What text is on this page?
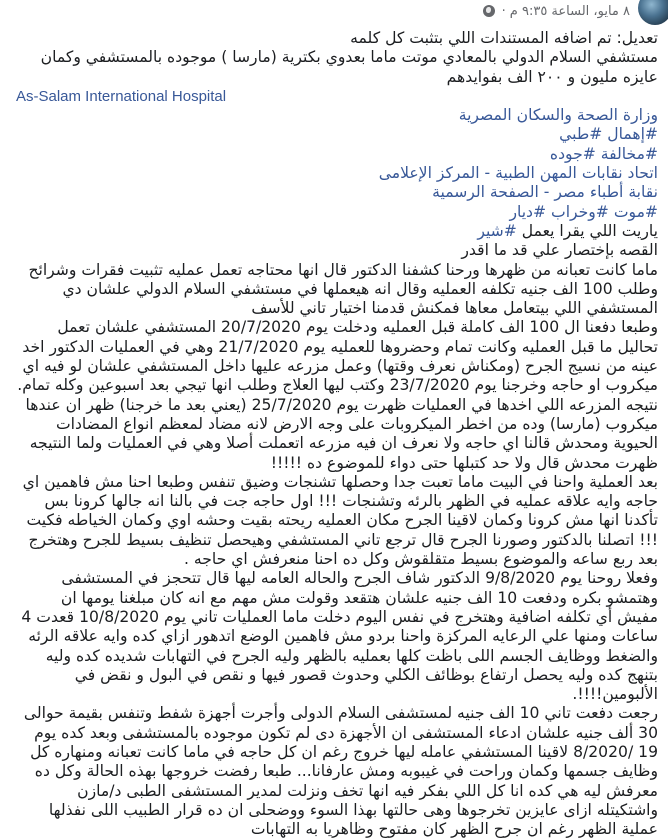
٨ مايو، الساعة ٩:٣٥ م
·

تعديل: تم اضافه المستندات اللي بتثبت كل كلمه

مستشفي السلام الدولي بالمعادي موتت ماما بعدوي بكترية (مارسا ) موجوده بالمستشفي وكمان عايزه مليون و ٢٠٠ الف بفوايدهم

As-Salam International Hospital

وزارة الصحة والسكان المصرية

#إهمال #طبي

#مخالفة #جوده

اتحاد نقابات المهن الطبية - المركز الإعلامى

نقابة أطباء مصر - الصفحة الرسمية

#موت #وخراب #ديار

ياريت اللي يقرا يعمل #شير

القصه بإختصار علي قد ما اقدر

ماما كانت تعبانه من ظهرها ورحنا كشفنا الدكتور قال انها محتاجه تعمل عمليه تثبيت فقرات وشرائح وطلب 100 الف جنيه تكلفه العمليه وقال انه هيعملها في مستشفي السلام الدولي علشان دي المستشفي اللي بيتعامل معاها فمكنش قدمنا اختيار تاني للأسف

وطبعا دفعنا ال 100 الف كاملة قبل العمليه ودخلت يوم 20/7/2020 المستشفي علشان تعمل تحاليل ما قبل العمليه وكانت تمام وحضروها للعمليه يوم 21/7/2020 وهي في العمليات الدكتور اخد عينه من نسيج الجرح (ومكناش نعرف وقتها) وعمل مزرعه عليها داخل المستشفي علشان لو فيه اي ميكروب او حاجه وخرجنا يوم 23/7/2020 وكتب ليها العلاج وطلب انها تيجي بعد اسبوعين وكله تمام.

نتيجه المزرعه اللي اخدها في العمليات ظهرت يوم 25/7/2020 (يعني بعد ما خرجنا) ظهر ان عندها ميكروب (مارسا) وده من اخطر الميكروبات على وجه الارض لانه مضاد لمعظم انواع المضادات الحيوية ومحدش قالنا اي حاجه ولا نعرف ان فيه مزرعه اتعملت أصلا وهي في العمليات ولما النتيجه ظهرت محدش قال ولا حد كتبلها حتى دواء للموضوع ده !!!!!

بعد العملية واحنا في البيت ماما تعبت جدا وحصلها تشنجات وضيق تنفس وطبعا احنا مش فاهمين اي حاجه وايه علاقه عمليه في الظهر بالرئه وتشنجات !!! اول حاجه جت في بالنا انه جالها كرونا بس تأكدنا انها مش كرونا وكمان لاقينا الجرح مكان العمليه ريحته بقيت وحشه اوي وكمان الخياطه فكيت !!! اتصلنا بالدكتور وصورنا الجرح قال ترجع تاني المستشفي وهيحصل تنظيف بسيط للجرح وهتخرج بعد ربع ساعه والموضوع بسيط متقلقوش وكل ده احنا منعرفش اي حاجه .

وفعلا روحنا يوم 9/8/2020 الدكتور شاف الجرح والحاله العامه ليها قال تتحجز في المستشفى وهتمشو بكره ودفعت 10 الف جنيه علشان هتقعد وقولت مش مهم مع انه كان مبلغنا يومها ان مفيش أي تكلفه اضافية وهتخرج في نفس اليوم دخلت ماما العمليات تاني يوم 10/8/2020 قعدت 4 ساعات ومنها علي الرعايه المركزة واحنا بردو مش فاهمين الوضع اتدهور ازاي كده وايه علاقه الرئه والضغط ووظايف الجسم اللى باظت كلها بعمليه بالظهر وليه الجرح في التهابات شديده كده وليه بتنهج كده وليه يحصل ارتفاع بوظائف الكلي وحدوث قصور فيها و نقص في البول و نقض في الألبومين!!!!.

رجعت دفعت تاني 10 الف جنيه لمستشفى السلام الدولى وأجرت أجهزة شفط وتنفس بقيمة حوالى 30 ألف جنيه علشان ادعاء المستشفى ان الأجهزة دى لم تكون موجوده بالمستشفى وبعد كده يوم 19 /8/2020 لاقينا المستشفي عامله ليها خروج رغم ان كل حاجه في ماما كانت تعبانه ومنهاره كل وظايف جسمها وكمان وراحت في غيبوبه ومش عارفانا... طبعا رفضت خروجها بهذه الحالة وكل ده معرفش ليه هي كده انا كل اللي بفكر فيه انها تخف ونزلت لمدير المستشفى الطبى د/مازن واشتكيتله ازاى عايزين تخرجوها وهى حالتها بهذا السوء ووضحلى ان ده قرار الطبيب اللى نفذلها عملية الظهر رغم ان جرح الظهر كان مفتوح وظاهريا به التهابات
